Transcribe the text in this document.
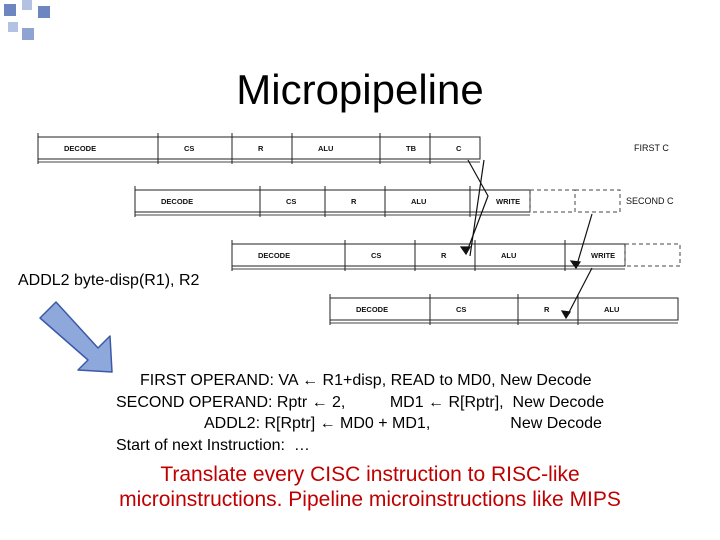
Micropipeline
DECODE	CS	R	ALU	TB	C	FIRST C
DECODE	CS	R	ALU	WRITE	SECOND C
DECODE	CS	R	ALU	WRITE
DECODE	CS	R	ALU
ADDL2 byte-disp(R1), R2
FIRST OPERAND: VA ← R1+disp, READ to MD0, New Decode
SECOND OPERAND: Rptr ← 2,          MD1 ← R[Rptr],  New Decode
ADDL2: R[Rptr] ← MD0 + MD1,                  New Decode
Start of next Instruction:  …
Translate every CISC instruction to RISC-like
microinstructions. Pipeline microinstructions like MIPS
